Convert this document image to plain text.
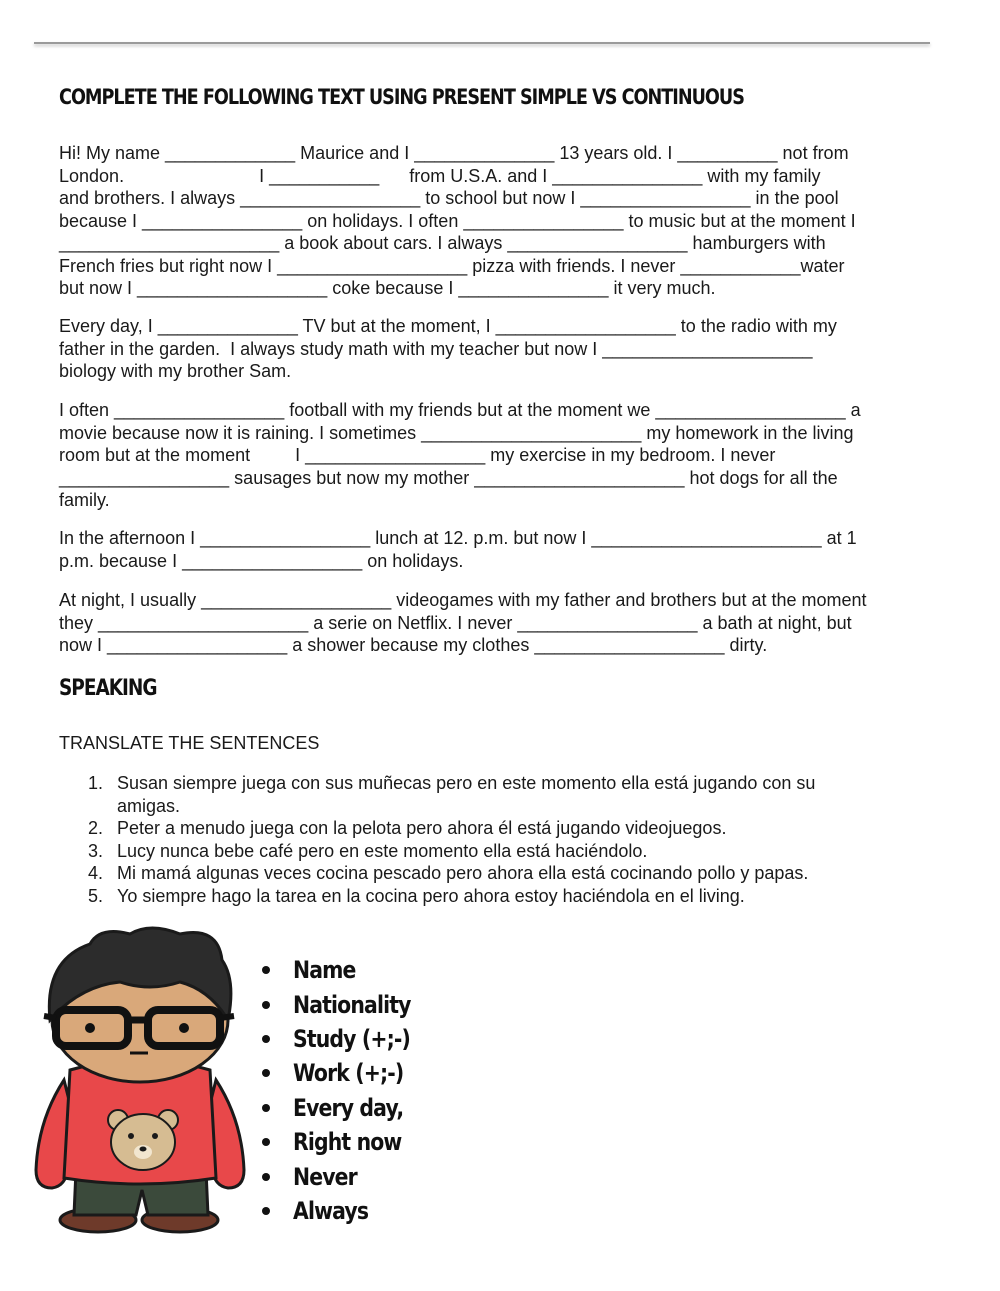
COMPLETE THE FOLLOWING TEXT USING PRESENT SIMPLE VS CONTINUOUS

Hi! My name _____________ Maurice and I ______________ 13 years old. I __________ not from
London.                           I ___________      from U.S.A. and I _______________ with my family
and brothers. I always __________________ to school but now I _________________ in the pool
because I ________________ on holidays. I often ________________ to music but at the moment I
______________________ a book about cars. I always __________________ hamburgers with
French fries but right now I ___________________ pizza with friends. I never ____________water
but now I ___________________ coke because I _______________ it very much.

Every day, I ______________ TV but at the moment, I __________________ to the radio with my
father in the garden.  I always study math with my teacher but now I _____________________
biology with my brother Sam.

I often _________________ football with my friends but at the moment we ___________________ a
movie because now it is raining. I sometimes ______________________ my homework in the living
room but at the moment         I __________________ my exercise in my bedroom. I never
_________________ sausages but now my mother _____________________ hot dogs for all the
family.

In the afternoon I _________________ lunch at 12. p.m. but now I _______________________ at 1
p.m. because I __________________ on holidays.

At night, I usually ___________________ videogames with my father and brothers but at the moment
they _____________________ a serie on Netflix. I never __________________ a bath at night, but
now I __________________ a shower because my clothes ___________________ dirty.

SPEAKING

TRANSLATE THE SENTENCES

1. Susan siempre juega con sus muñecas pero en este momento ella está jugando con su
amigas.
2. Peter a menudo juega con la pelota pero ahora él está jugando videojuegos.
3. Lucy nunca bebe café pero en este momento ella está haciéndolo.
4. Mi mamá algunas veces cocina pescado pero ahora ella está cocinando pollo y papas.
5. Yo siempre hago la tarea en la cocina pero ahora estoy haciéndola en el living.
Name
Nationality
Study (+;-)
Work (+;-)
Every day,
Right now
Never
Always
